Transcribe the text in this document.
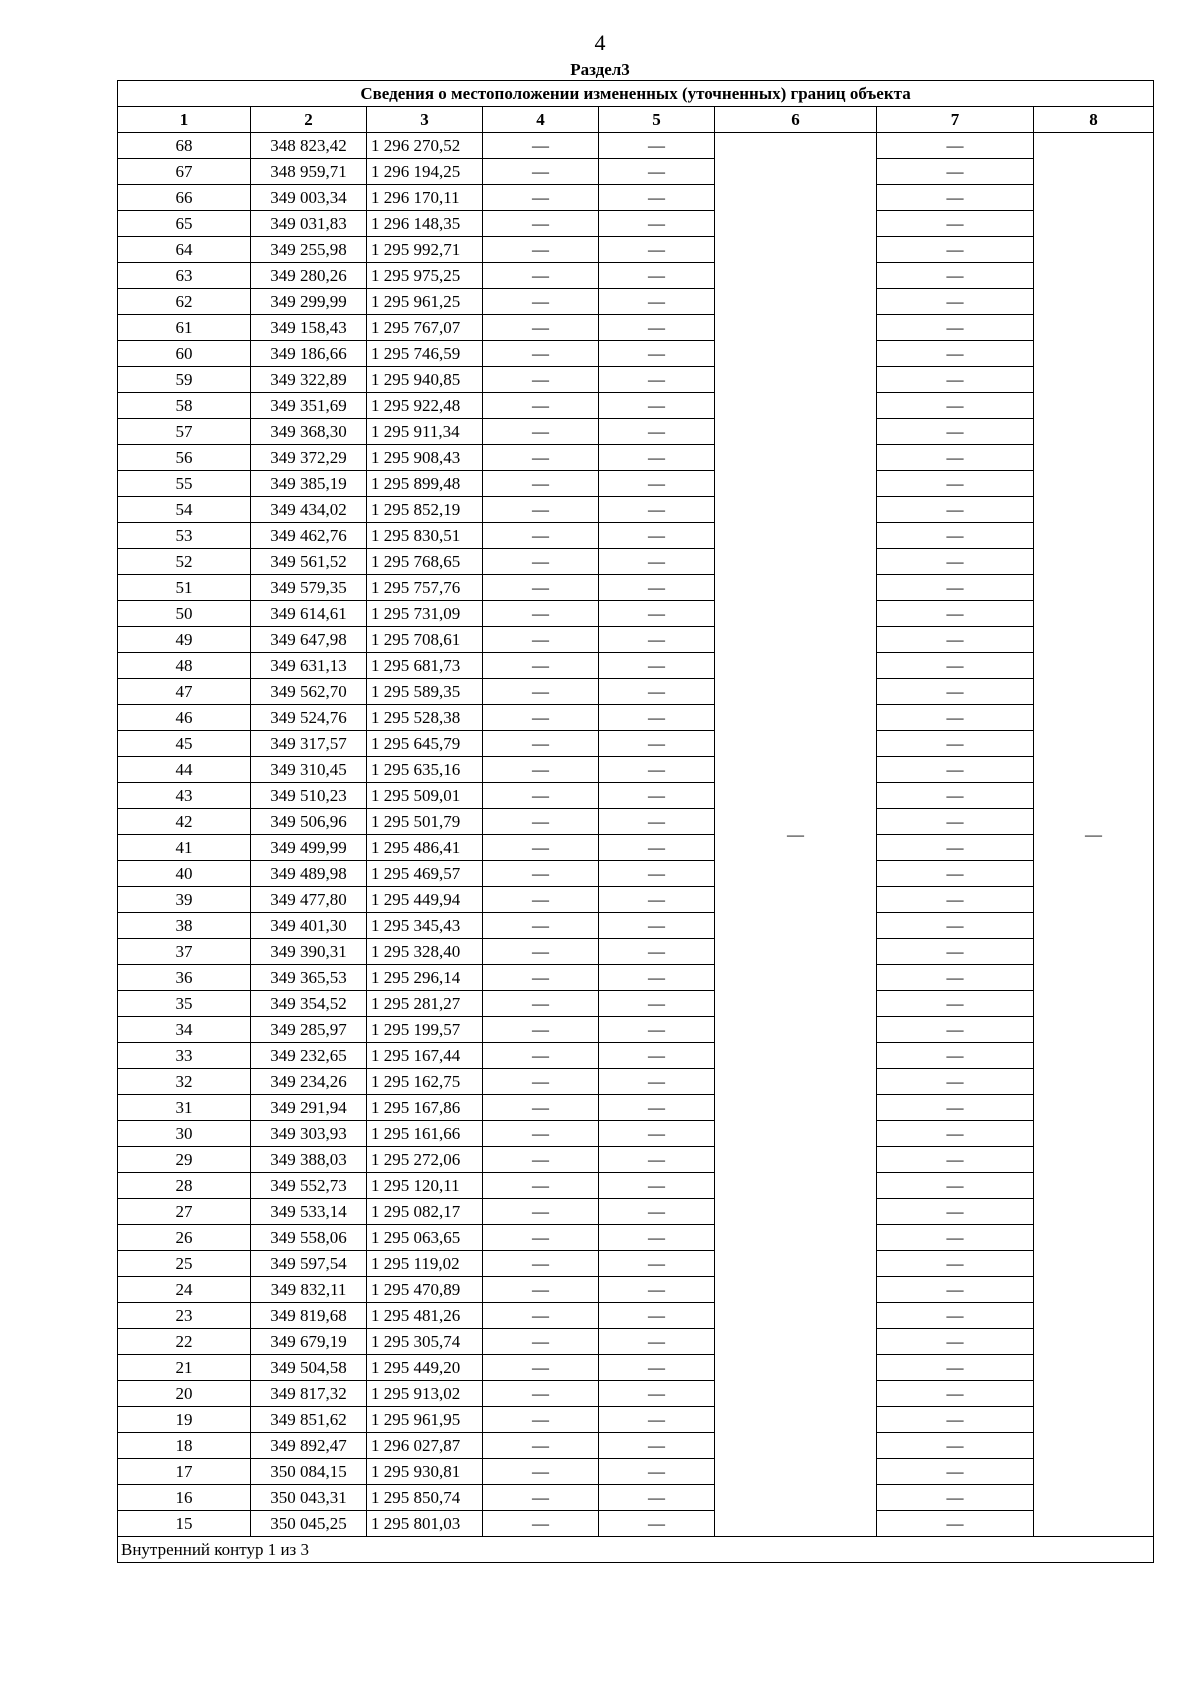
4
Раздел3
Сведения о местоположении измененных (уточненных) границ объекта							
1	2	3	4	5	6	7	8
68	348 823,42	1 296 270,52	—	—	—	—	—
67	348 959,71	1 296 194,25	—	—		—	
66	349 003,34	1 296 170,11	—	—		—	
65	349 031,83	1 296 148,35	—	—		—	
64	349 255,98	1 295 992,71	—	—		—	
63	349 280,26	1 295 975,25	—	—		—	
62	349 299,99	1 295 961,25	—	—		—	
61	349 158,43	1 295 767,07	—	—		—	
60	349 186,66	1 295 746,59	—	—		—	
59	349 322,89	1 295 940,85	—	—		—	
58	349 351,69	1 295 922,48	—	—		—	
57	349 368,30	1 295 911,34	—	—		—	
56	349 372,29	1 295 908,43	—	—		—	
55	349 385,19	1 295 899,48	—	—		—	
54	349 434,02	1 295 852,19	—	—		—	
53	349 462,76	1 295 830,51	—	—		—	
52	349 561,52	1 295 768,65	—	—		—	
51	349 579,35	1 295 757,76	—	—		—	
50	349 614,61	1 295 731,09	—	—		—	
49	349 647,98	1 295 708,61	—	—		—	
48	349 631,13	1 295 681,73	—	—		—	
47	349 562,70	1 295 589,35	—	—		—	
46	349 524,76	1 295 528,38	—	—		—	
45	349 317,57	1 295 645,79	—	—		—	
44	349 310,45	1 295 635,16	—	—		—	
43	349 510,23	1 295 509,01	—	—		—	
42	349 506,96	1 295 501,79	—	—		—	
41	349 499,99	1 295 486,41	—	—		—	
40	349 489,98	1 295 469,57	—	—		—	
39	349 477,80	1 295 449,94	—	—		—	
38	349 401,30	1 295 345,43	—	—		—	
37	349 390,31	1 295 328,40	—	—		—	
36	349 365,53	1 295 296,14	—	—		—	
35	349 354,52	1 295 281,27	—	—		—	
34	349 285,97	1 295 199,57	—	—		—	
33	349 232,65	1 295 167,44	—	—		—	
32	349 234,26	1 295 162,75	—	—		—	
31	349 291,94	1 295 167,86	—	—		—	
30	349 303,93	1 295 161,66	—	—		—	
29	349 388,03	1 295 272,06	—	—		—	
28	349 552,73	1 295 120,11	—	—		—	
27	349 533,14	1 295 082,17	—	—		—	
26	349 558,06	1 295 063,65	—	—		—	
25	349 597,54	1 295 119,02	—	—		—	
24	349 832,11	1 295 470,89	—	—		—	
23	349 819,68	1 295 481,26	—	—		—	
22	349 679,19	1 295 305,74	—	—		—	
21	349 504,58	1 295 449,20	—	—		—	
20	349 817,32	1 295 913,02	—	—		—	
19	349 851,62	1 295 961,95	—	—		—	
18	349 892,47	1 296 027,87	—	—		—	
17	350 084,15	1 295 930,81	—	—		—	
16	350 043,31	1 295 850,74	—	—		—	
15	350 045,25	1 295 801,03	—	—		—	
Внутренний контур 1 из 3							
